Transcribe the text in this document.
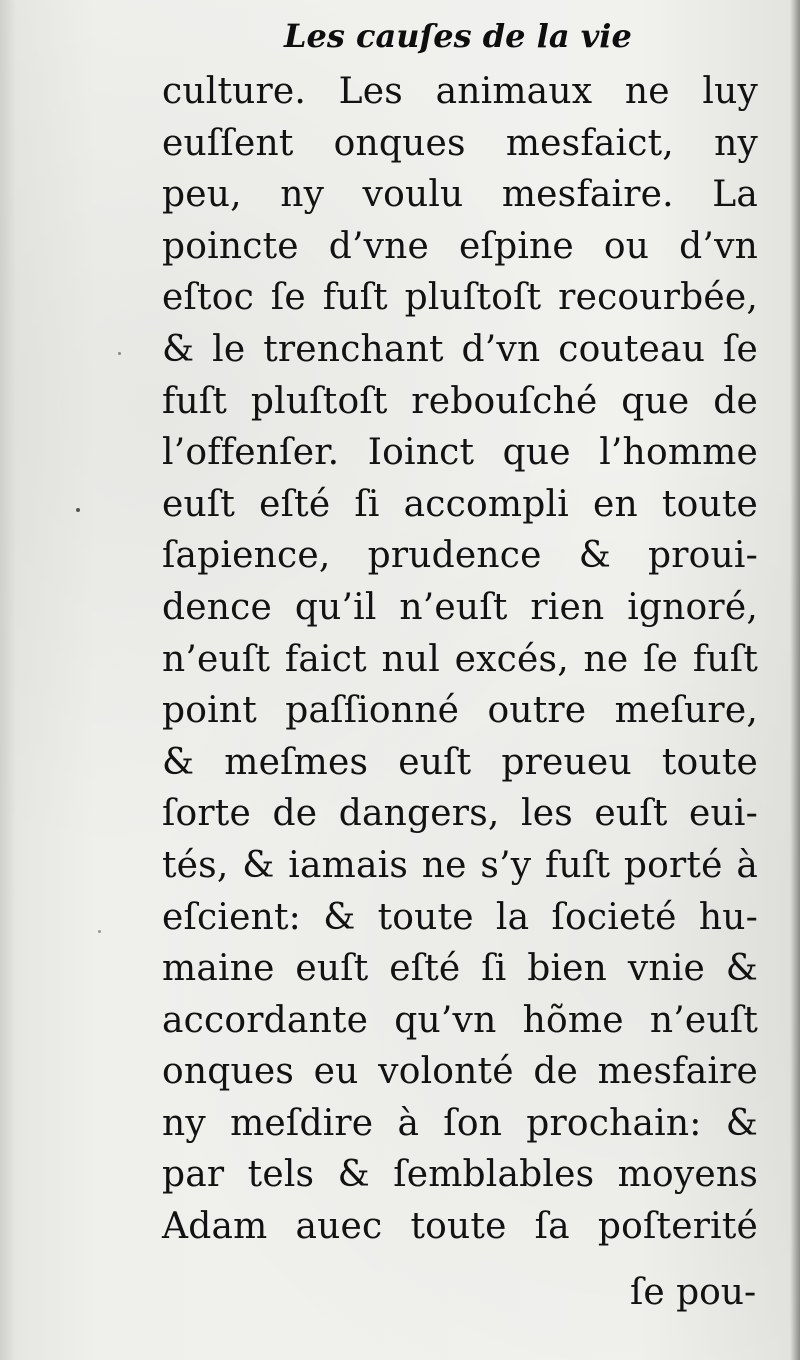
Les cauſes de la vie
culture. Les animaux ne luy
euſſent onques mesfaict, ny
peu, ny voulu mesfaire. La
poincte d’vne eſpine ou d’vn
eſtoc ſe fuſt pluſtoſt recourbée,
& le trenchant d’vn couteau ſe
fuſt pluſtoſt rebouſché que de
l’offenſer. Ioinct que l’homme
euſt eſté ſi accompli en toute
ſapience, prudence & proui-
dence qu’il n’euſt rien ignoré,
n’euſt faict nul excés, ne ſe fuſt
point paſſionné outre meſure,
& meſmes euſt preueu toute
ſorte de dangers, les euſt eui-
tés, & iamais ne s’y fuſt porté à
eſcient: & toute la ſocieté hu-
maine euſt eſté ſi bien vnie &
accordante qu’vn hõme n’euſt
onques eu volonté de mesfaire
ny meſdire à ſon prochain: &
par tels & ſemblables moyens
Adam auec toute ſa poſterité
ſe pou-
